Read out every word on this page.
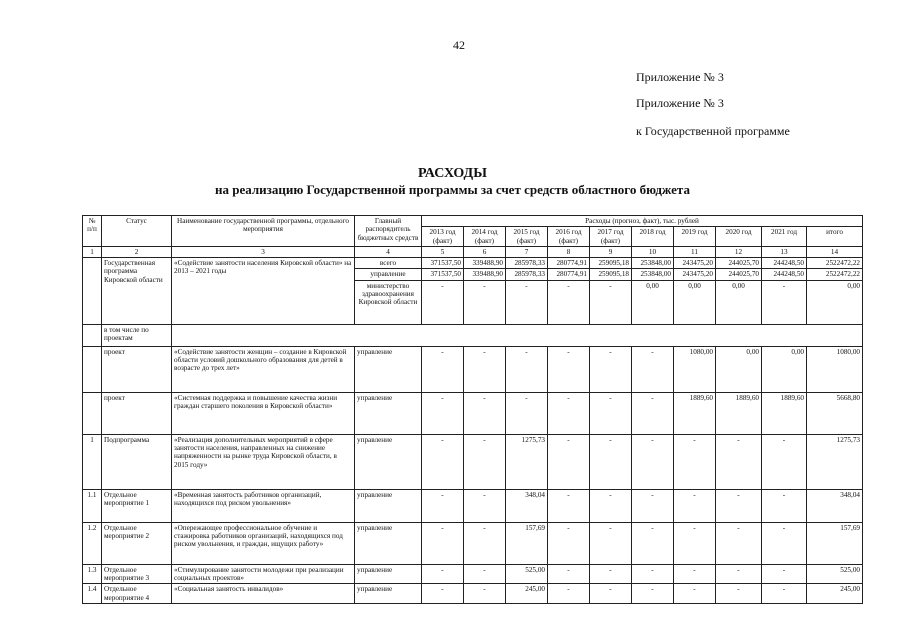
42
Приложение № 3
Приложение № 3
к Государственной программе
РАСХОДЫ
на реализацию Государственной программы за счет средств областного бюджета
№ п/п	Статус	Наименование государственной программы, отдельного мероприятия	Главный распорядитель бюджетных средств	Расходы (прогноз, факт), тыс. рублей									
				2013 год (факт)	2014 год (факт)	2015 год (факт)	2016 год (факт)	2017 год (факт)	2018 год	2019 год	2020 год	2021 год	итого
1	2	3	4	5	6	7	8	9	10	11	12	13	14
	Государственная программа Кировской области	«Содействие занятости населения Кировской области» на 2013 – 2021 годы	всего	371537,50	339488,90	285978,33	280774,91	259095,18	253848,00	243475,20	244025,70	244248,50	2522472,22
			управление	371537,50	339488,90	285978,33	280774,91	259095,18	253848,00	243475,20	244025,70	244248,50	2522472,22
			министерство здравоохранения Кировской области	-	-	-	-	-	0,00	0,00	0,00	-	0,00
	в том числе по проектам												
	проект	«Содействие занятости женщин – создание в Кировской области условий дошкольного образования для детей в возрасте до трех лет»	управление	-	-	-	-	-	-	1080,00	0,00	0,00	1080,00
	проект	«Системная поддержка и повышение качества жизни граждан старшего поколения в Кировской области»	управление	-	-	-	-	-	-	1889,60	1889,60	1889,60	5668,80
1	Подпрограмма	«Реализация дополнительных мероприятий в сфере занятости населения, направленных на снижение напряженности на рынке труда Кировской области, в 2015 году»	управление	-	-	1275,73	-	-	-	-	-	-	1275,73
1.1	Отдельное мероприятие 1	«Временная занятость работников организаций, находящихся под риском увольнения»	управление	-	-	348,04	-	-	-	-	-	-	348,04
1.2	Отдельное мероприятие 2	«Опережающее профессиональное обучение и стажировка работников организаций, находящихся под риском увольнения, и граждан, ищущих работу»	управление	-	-	157,69	-	-	-	-	-	-	157,69
1.3	Отдельное мероприятие 3	«Стимулирование занятости молодежи при реализации социальных проектов»	управление	-	-	525,00	-	-	-	-	-	-	525,00
1.4	Отдельное мероприятие 4	«Социальная занятость инвалидов»	управление	-	-	245,00	-	-	-	-	-	-	245,00
